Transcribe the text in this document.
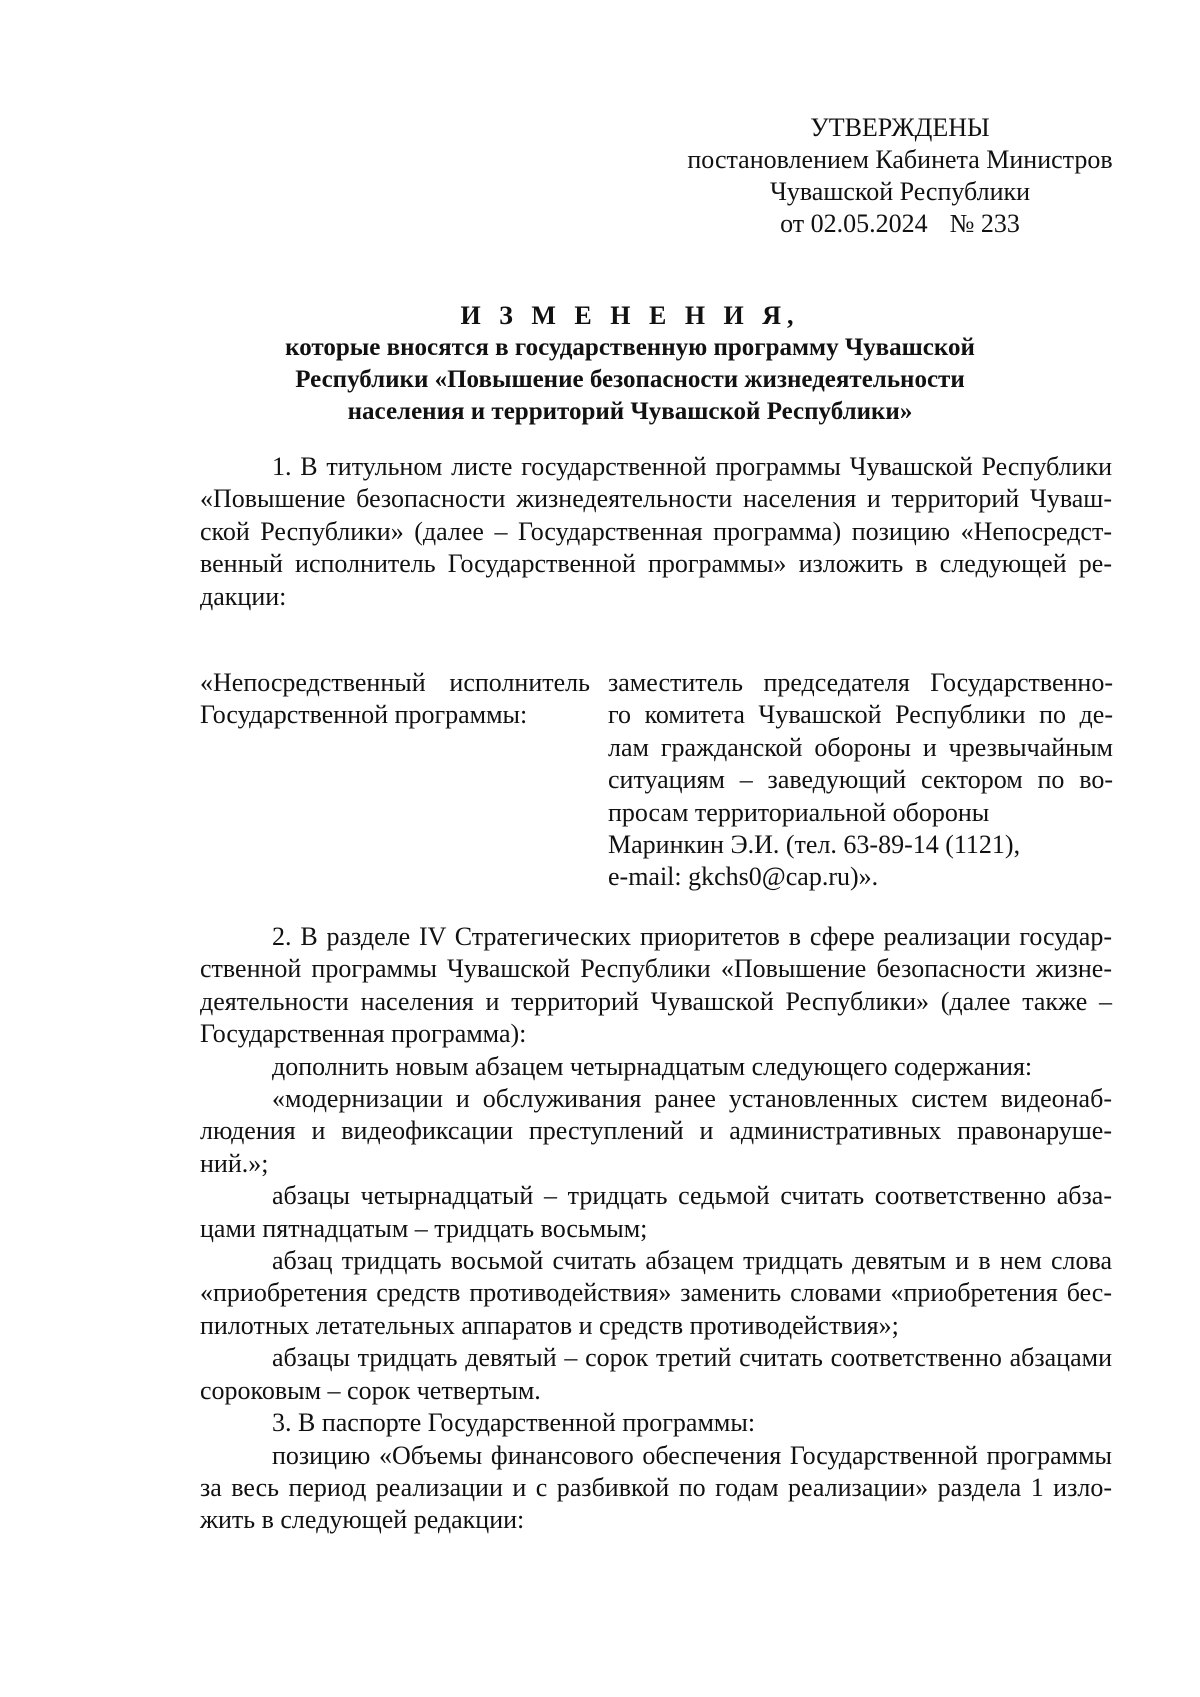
УТВЕРЖДЕНЫ
постановлением Кабинета Министров
Чувашской Республики
от 02.05.2024 № 233
И З М Е Н Е Н И Я,
которые вносятся в государственную программу Чувашской
Республики «Повышение безопасности жизнедеятельности
населения и территорий Чувашской Республики»
1. В титульном листе государственной программы Чувашской Республики
«Повышение безопасности жизнедеятельности населения и территорий Чуваш-
ской Республики» (далее – Государственная программа) позицию «Непосредст-
венный исполнитель Государственной программы» изложить в следующей ре-
дакции:
«Непосредственный исполнитель
Государственной программы:
заместитель председателя Государственно-
го комитета Чувашской Республики по де-
лам гражданской обороны и чрезвычайным
ситуациям – заведующий сектором по во-
просам территориальной обороны
Маринкин Э.И. (тел. 63-89-14 (1121),
e-mail: gkchs0@cap.ru)».
2. В разделе IV Стратегических приоритетов в сфере реализации государ-
ственной программы Чувашской Республики «Повышение безопасности жизне-
деятельности населения и территорий Чувашской Республики» (далее также –
Государственная программа):
дополнить новым абзацем четырнадцатым следующего содержания:
«модернизации и обслуживания ранее установленных систем видеонаб-
людения и видеофиксации преступлений и административных правонаруше-
ний.»;
абзацы четырнадцатый – тридцать седьмой считать соответственно абза-
цами пятнадцатым – тридцать восьмым;
абзац тридцать восьмой считать абзацем тридцать девятым и в нем слова
«приобретения средств противодействия» заменить словами «приобретения бес-
пилотных летательных аппаратов и средств противодействия»;
абзацы тридцать девятый – сорок третий считать соответственно абзацами
сороковым – сорок четвертым.
3. В паспорте Государственной программы:
позицию «Объемы финансового обеспечения Государственной программы
за весь период реализации и с разбивкой по годам реализации» раздела 1 изло-
жить в следующей редакции:
